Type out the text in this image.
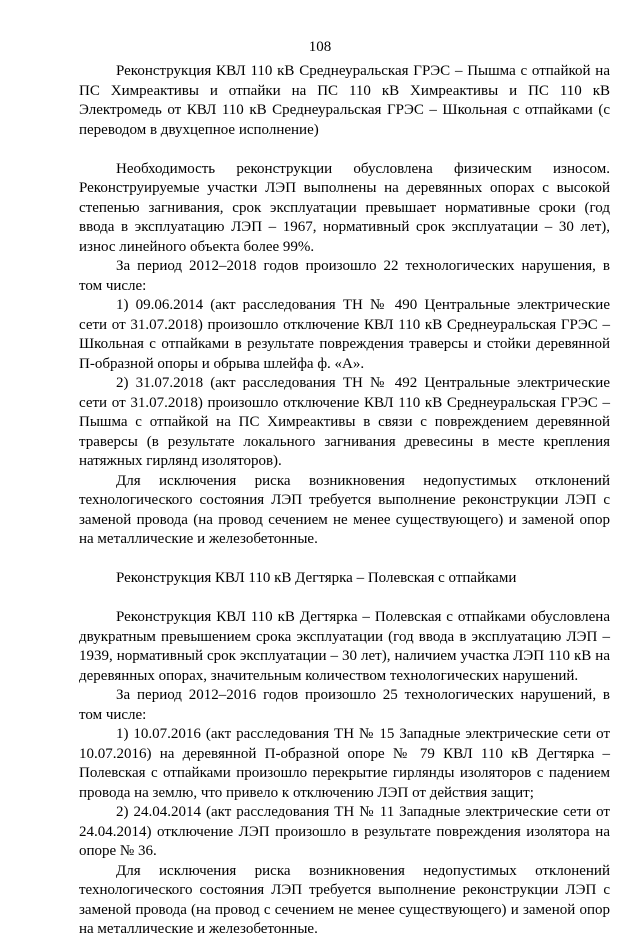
108

Реконструкция КВЛ 110 кВ Среднеуральская ГРЭС – Пышма с отпайкой на ПС Химреактивы и отпайки на ПС 110 кВ Химреактивы и ПС 110 кВ Электромедь от КВЛ 110 кВ Среднеуральская ГРЭС – Школьная с отпайками (с переводом в двухцепное исполнение)

Необходимость реконструкции обусловлена физическим износом. Реконструируемые участки ЛЭП выполнены на деревянных опорах с высокой степенью загнивания, срок эксплуатации превышает нормативные сроки (год ввода в эксплуатацию ЛЭП – 1967, нормативный срок эксплуатации – 30 лет), износ линейного объекта более 99%.

За период 2012–2018 годов произошло 22 технологических нарушения, в том числе:

1) 09.06.2014 (акт расследования ТН № 490 Центральные электрические сети от 31.07.2018) произошло отключение КВЛ 110 кВ Среднеуральская ГРЭС – Школьная с отпайками в результате повреждения траверсы и стойки деревянной П-образной опоры и обрыва шлейфа ф. «А».

2) 31.07.2018 (акт расследования ТН № 492 Центральные электрические сети от 31.07.2018) произошло отключение КВЛ 110 кВ Среднеуральская ГРЭС – Пышма с отпайкой на ПС Химреактивы в связи с повреждением деревянной траверсы (в результате локального загнивания древесины в месте крепления натяжных гирлянд изоляторов).

Для исключения риска возникновения недопустимых отклонений технологического состояния ЛЭП требуется выполнение реконструкции ЛЭП с заменой провода (на провод сечением не менее существующего) и заменой опор на металлические и железобетонные.

Реконструкция КВЛ 110 кВ Дегтярка – Полевская с отпайками

Реконструкция КВЛ 110 кВ Дегтярка – Полевская с отпайками обусловлена двукратным превышением срока эксплуатации (год ввода в эксплуатацию ЛЭП – 1939, нормативный срок эксплуатации – 30 лет), наличием участка ЛЭП 110 кВ на деревянных опорах, значительным количеством технологических нарушений.

За период 2012–2016 годов произошло 25 технологических нарушений, в том числе:

1) 10.07.2016 (акт расследования ТН № 15 Западные электрические сети от 10.07.2016) на деревянной П-образной опоре № 79 КВЛ 110 кВ Дегтярка – Полевская с отпайками произошло перекрытие гирлянды изоляторов с падением провода на землю, что привело к отключению ЛЭП от действия защит;

2) 24.04.2014 (акт расследования ТН № 11 Западные электрические сети от 24.04.2014) отключение ЛЭП произошло в результате повреждения изолятора на опоре № 36.

Для исключения риска возникновения недопустимых отклонений технологического состояния ЛЭП требуется выполнение реконструкции ЛЭП с заменой провода (на провод с сечением не менее существующего) и заменой опор на металлические и железобетонные.
